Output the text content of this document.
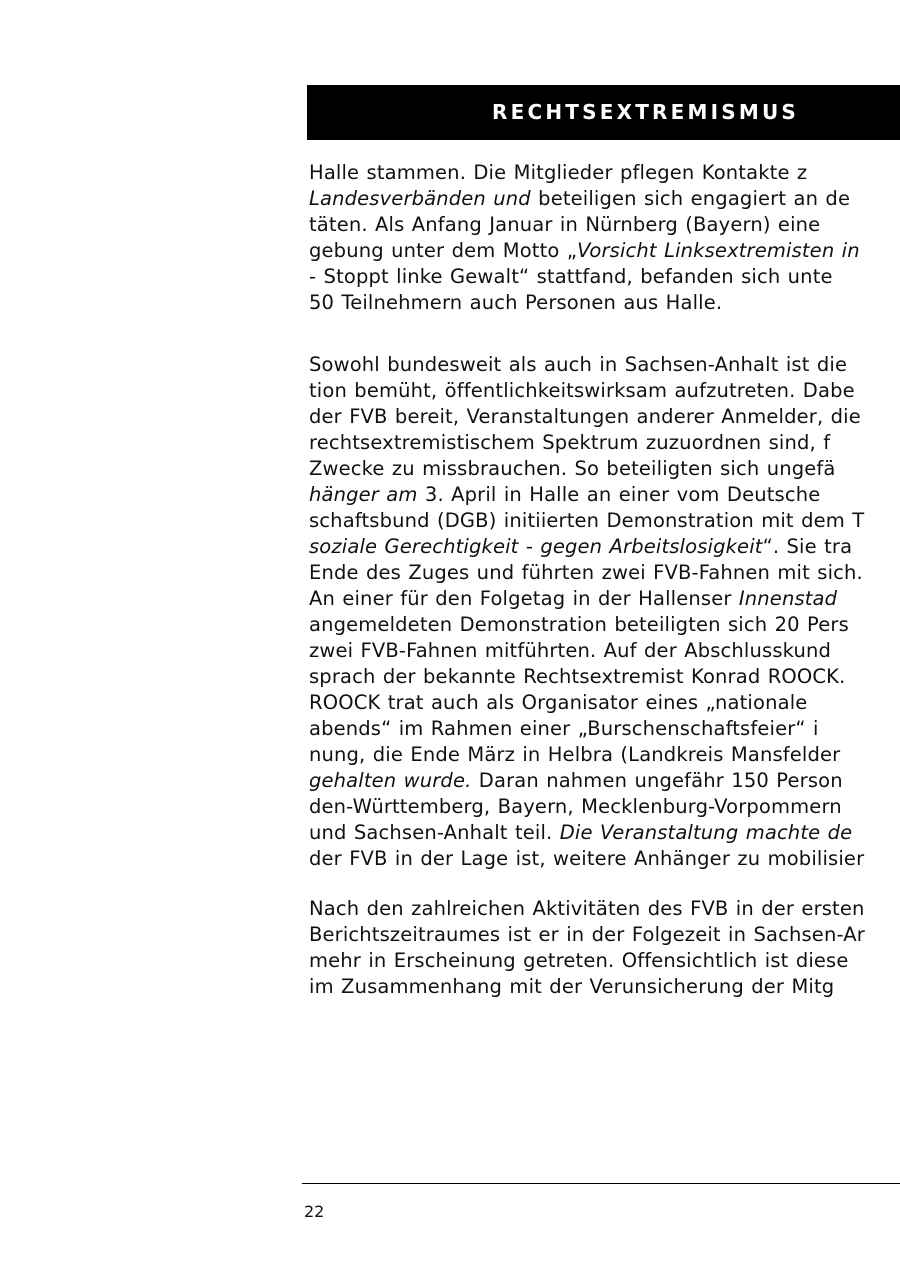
RECHTSEXTREMISMUS
Halle stammen. Die Mitglieder pflegen Kontakte z
Landesverbänden und beteiligen sich engagiert an de
täten. Als Anfang Januar in Nürnberg (Bayern) eine
gebung unter dem Motto „Vorsicht Linksextremisten in
- Stoppt linke Gewalt“ stattfand, befanden sich unte
50 Teilnehmern auch Personen aus Halle.
Sowohl bundesweit als auch in Sachsen-Anhalt ist die
tion bemüht, öffentlichkeitswirksam aufzutreten. Dabe
der FVB bereit, Veranstaltungen anderer Anmelder, die
rechtsextremistischem Spektrum zuzuordnen sind, f
Zwecke zu missbrauchen. So beteiligten sich ungefä
hänger am 3. April in Halle an einer vom Deutsche
schaftsbund (DGB) initiierten Demonstration mit dem T
soziale Gerechtigkeit - gegen Arbeitslosigkeit“. Sie tra
Ende des Zuges und führten zwei FVB-Fahnen mit sich.
An einer für den Folgetag in der Hallenser Innenstad
angemeldeten Demonstration beteiligten sich 20 Pers
zwei FVB-Fahnen mitführten. Auf der Abschlusskund
sprach der bekannte Rechtsextremist Konrad ROOCK.
ROOCK trat auch als Organisator eines „nationale
abends“ im Rahmen einer „Burschenschaftsfeier“ i
nung, die Ende März in Helbra (Landkreis Mansfelder
gehalten wurde. Daran nahmen ungefähr 150 Person
den-Württemberg, Bayern, Mecklenburg-Vorpommern
und Sachsen-Anhalt teil. Die Veranstaltung machte de
der FVB in der Lage ist, weitere Anhänger zu mobilisier
Nach den zahlreichen Aktivitäten des FVB in der ersten
Berichtszeitraumes ist er in der Folgezeit in Sachsen-Ar
mehr in Erscheinung getreten. Offensichtlich ist diese
im Zusammenhang mit der Verunsicherung der Mitg
22
